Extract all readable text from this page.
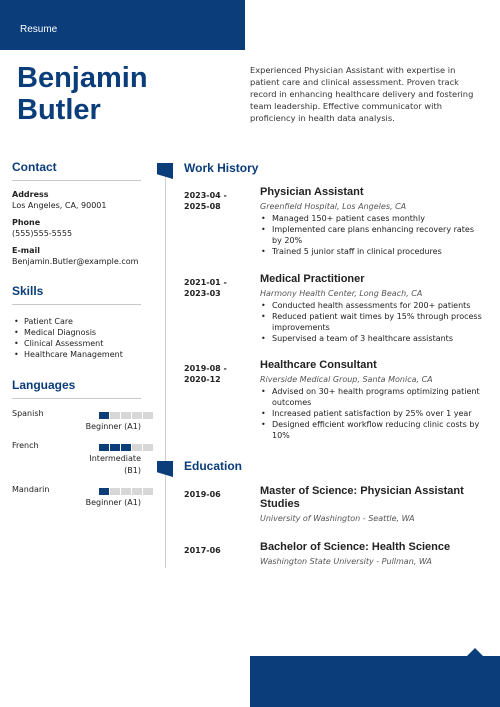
Resume
Benjamin
Butler
Experienced Physician Assistant with expertise in patient care and clinical assessment. Proven track record in enhancing healthcare delivery and fostering team leadership. Effective communicator with proficiency in health data analysis.
Contact
Address
Los Angeles, CA, 90001
Phone
(555)555-5555
E-mail
Benjamin.Butler@example.com
Skills
• Patient Care
• Medical Diagnosis
• Clinical Assessment
• Healthcare Management
Languages
Spanish
Beginner (A1)
French
Intermediate (B1)
Mandarin
Beginner (A1)
Work History
2023-04 -
2025-08
Physician Assistant
Greenfield Hospital, Los Angeles, CA
• Managed 150+ patient cases monthly
• Implemented care plans enhancing recovery rates by 20%
• Trained 5 junior staff in clinical procedures
2021-01 -
2023-03
Medical Practitioner
Harmony Health Center, Long Beach, CA
• Conducted health assessments for 200+ patients
• Reduced patient wait times by 15% through process improvements
• Supervised a team of 3 healthcare assistants
2019-08 -
2020-12
Healthcare Consultant
Riverside Medical Group, Santa Monica, CA
• Advised on 30+ health programs optimizing patient outcomes
• Increased patient satisfaction by 25% over 1 year
• Designed efficient workflow reducing clinic costs by 10%
Education
2019-06	Master of Science: Physician Assistant Studies
University of Washington - Seattle, WA
2017-06	Bachelor of Science: Health Science
Washington State University - Pullman, WA
